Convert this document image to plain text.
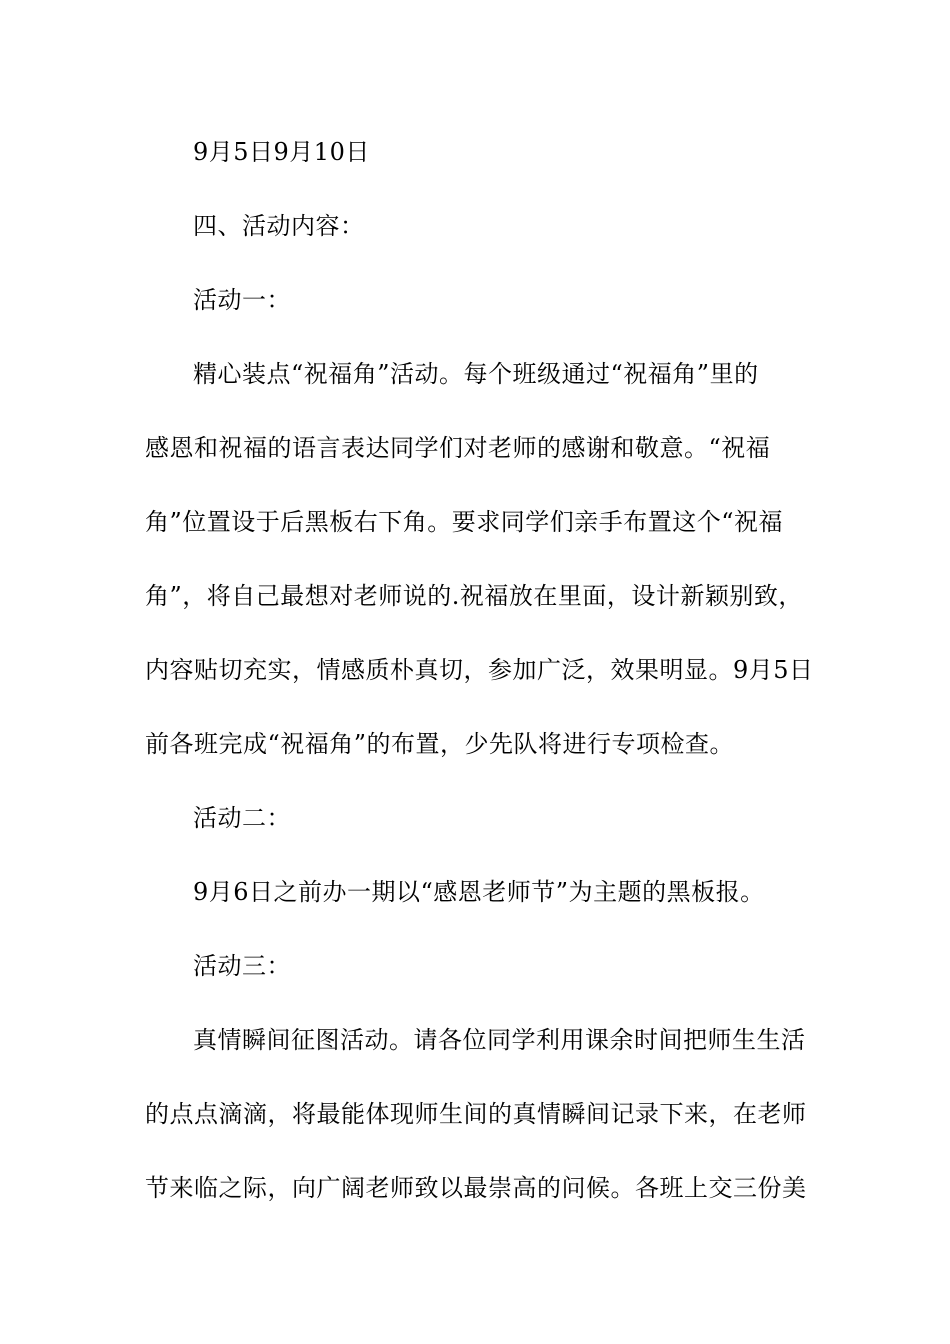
9月5日9月10日
四、活动内容：
活动一：
精心装点“祝福角”活动。每个班级通过“祝福角”里的
感恩和祝福的语言表达同学们对老师的感谢和敬意。“祝福
角”位置设于后黑板右下角。要求同学们亲手布置这个“祝福
角”，将自己最想对老师说的.祝福放在里面，设计新颖别致，
内容贴切充实，情感质朴真切，参加广泛，效果明显。9月5日
前各班完成“祝福角”的布置，少先队将进行专项检查。
活动二：
9月6日之前办一期以“感恩老师节”为主题的黑板报。
活动三：
真情瞬间征图活动。请各位同学利用课余时间把师生生活
的点点滴滴，将最能体现师生间的真情瞬间记录下来，在老师
节来临之际，向广阔老师致以最崇高的问候。各班上交三份美
